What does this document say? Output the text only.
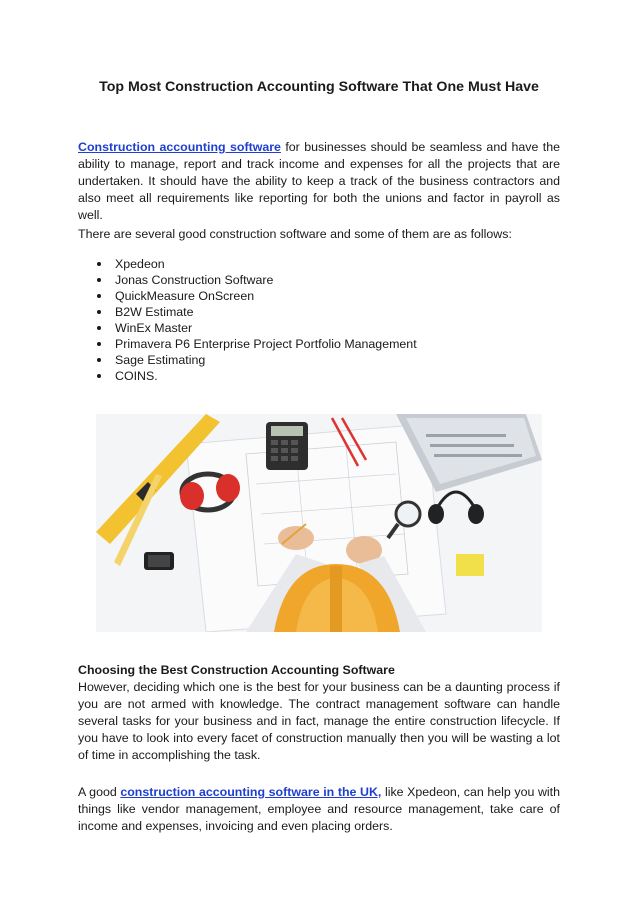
Top Most Construction Accounting Software That One Must Have

Construction accounting software for businesses should be seamless and have the ability to manage, report and track income and expenses for all the projects that are undertaken. It should have the ability to keep a track of the business contractors and also meet all requirements like reporting for both the unions and factor in payroll as well.

There are several good construction software and some of them are as follows:

Xpedeon
Jonas Construction Software
QuickMeasure OnScreen
B2W Estimate
WinEx Master
Primavera P6 Enterprise Project Portfolio Management
Sage Estimating
COINS.
Choosing the Best Construction Accounting Software

However, deciding which one is the best for your business can be a daunting process if you are not armed with knowledge. The contract management software can handle several tasks for your business and in fact, manage the entire construction lifecycle. If you have to look into every facet of construction manually then you will be wasting a lot of time in accomplishing the task.

A good construction accounting software in the UK, like Xpedeon, can help you with things like vendor management, employee and resource management, take care of income and expenses, invoicing and even placing orders.
